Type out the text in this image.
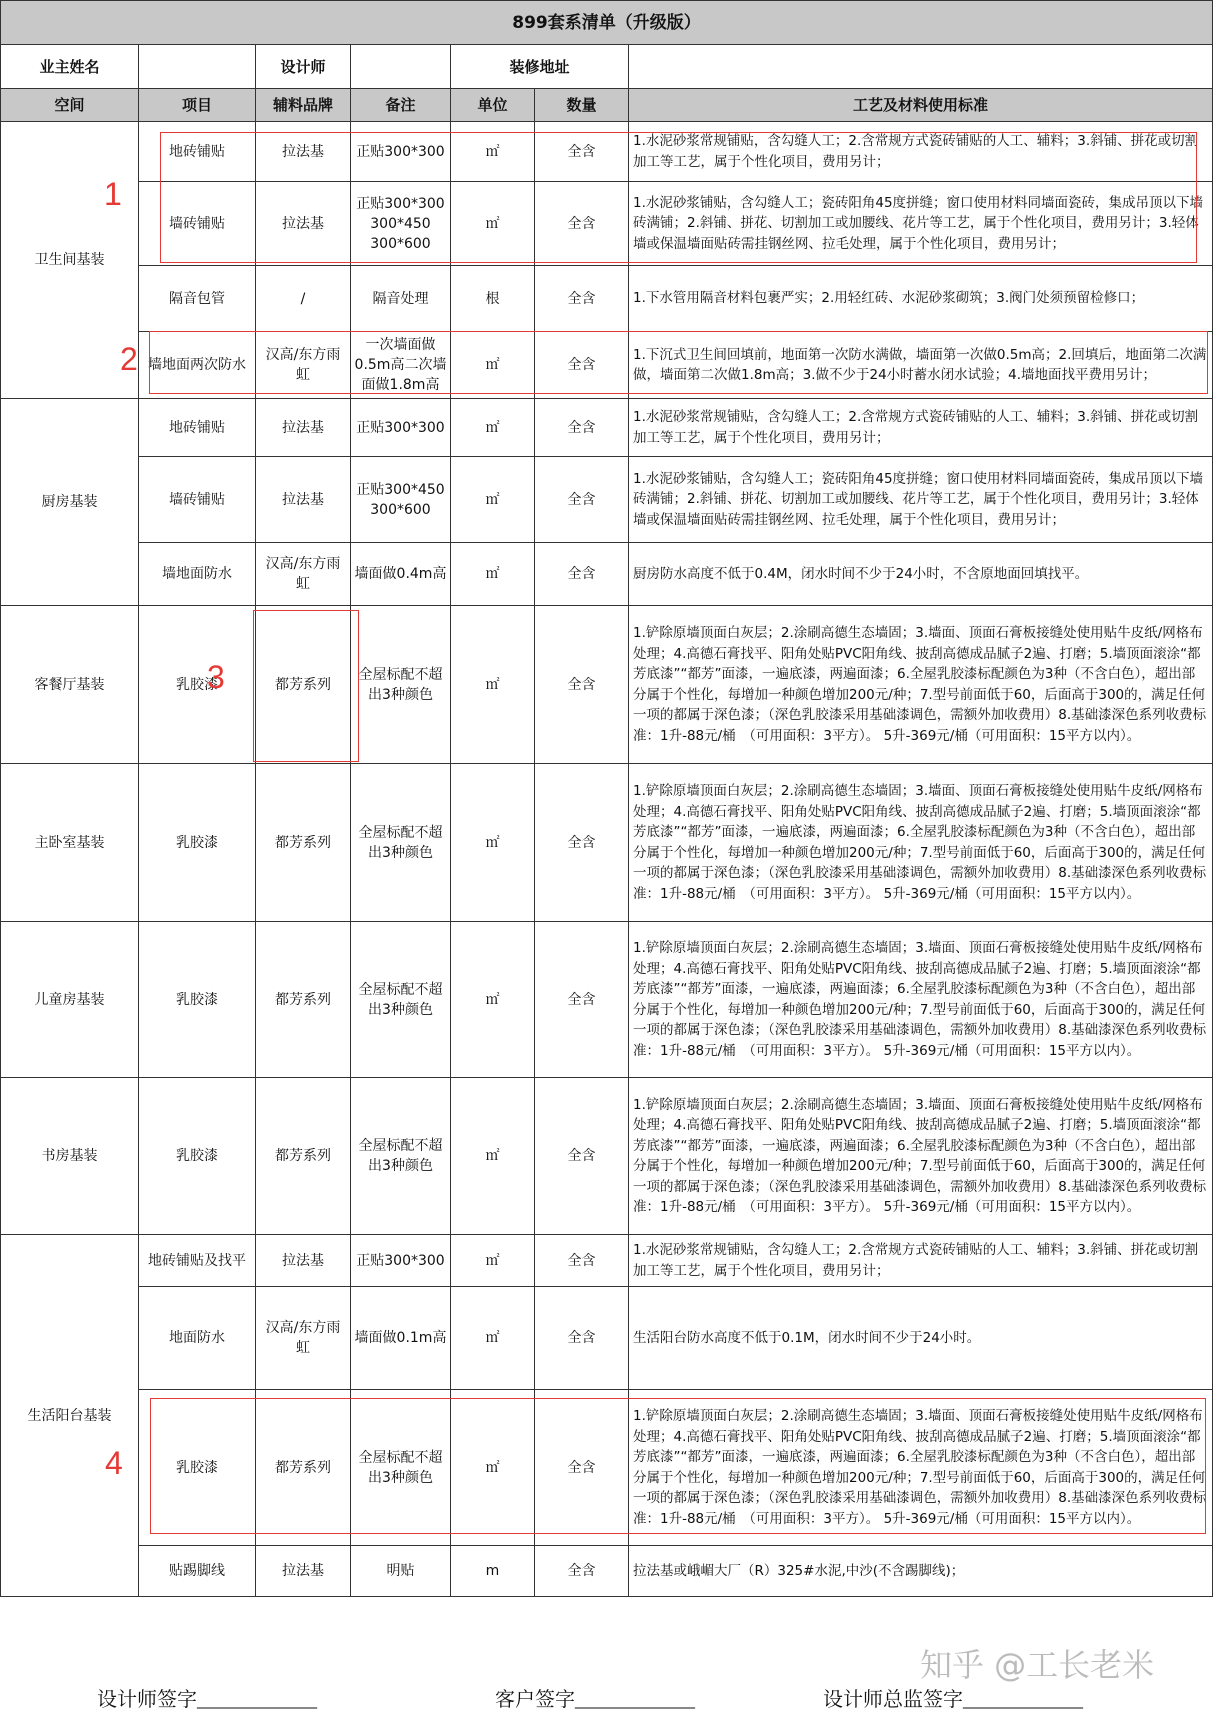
899套系清单（升级版）						
业主姓名		设计师		装修地址		
空间	项目	辅料品牌	备注	单位	数量	工艺及材料使用标准
卫生间基装	地砖铺贴	拉法基	正贴300*300	㎡	全含	1.水泥砂浆常规铺贴，含勾缝人工；2.含常规方式瓷砖铺贴的人工、辅料；3.斜铺、拼花或切割加工等工艺，属于个性化项目，费用另计；
	墙砖铺贴	拉法基	正贴300*300 300*450 300*600	㎡	全含	1.水泥砂浆铺贴，含勾缝人工；瓷砖阳角45度拼缝；窗口使用材料同墙面瓷砖，集成吊顶以下墙砖满铺；2.斜铺、拼花、切割加工或加腰线、花片等工艺，属于个性化项目，费用另计；3.轻体墙或保温墙面贴砖需挂钢丝网、拉毛处理，属于个性化项目，费用另计；
	隔音包管	/	隔音处理	根	全含	1.下水管用隔音材料包裹严实；2.用轻红砖、水泥砂浆砌筑；3.阀门处须预留检修口；
	墙地面两次防水	汉高/东方雨虹	一次墙面做0.5m高二次墙面做1.8m高	㎡	全含	1.下沉式卫生间回填前，地面第一次防水满做，墙面第一次做0.5m高；2.回填后，地面第二次满做，墙面第二次做1.8m高；3.做不少于24小时蓄水闭水试验；4.墙地面找平费用另计；
厨房基装	地砖铺贴	拉法基	正贴300*300	㎡	全含	1.水泥砂浆常规铺贴，含勾缝人工；2.含常规方式瓷砖铺贴的人工、辅料；3.斜铺、拼花或切割加工等工艺，属于个性化项目，费用另计；
	墙砖铺贴	拉法基	正贴300*450 300*600	㎡	全含	1.水泥砂浆铺贴，含勾缝人工；瓷砖阳角45度拼缝；窗口使用材料同墙面瓷砖，集成吊顶以下墙砖满铺；2.斜铺、拼花、切割加工或加腰线、花片等工艺，属于个性化项目，费用另计；3.轻体墙或保温墙面贴砖需挂钢丝网、拉毛处理，属于个性化项目，费用另计；
	墙地面防水	汉高/东方雨虹	墙面做0.4m高	㎡	全含	厨房防水高度不低于0.4M，闭水时间不少于24小时，不含原地面回填找平。
客餐厅基装	乳胶漆	都芳系列	全屋标配不超出3种颜色	㎡	全含	1.铲除原墙顶面白灰层；2.涂刷高德生态墙固；3.墙面、顶面石膏板接缝处使用贴牛皮纸/网格布处理；4.高德石膏找平、阳角处贴PVC阳角线、披刮高德成品腻子2遍、打磨；5.墙顶面滚涂“都芳底漆”“都芳”面漆，一遍底漆，两遍面漆；6.全屋乳胶漆标配颜色为3种（不含白色），超出部分属于个性化，每增加一种颜色增加200元/种；7.型号前面低于60，后面高于300的，满足任何一项的都属于深色漆；（深色乳胶漆采用基础漆调色，需额外加收费用）8.基础漆深色系列收费标准：1升-88元/桶　（可用面积：3平方）。 5升-369元/桶（可用面积：15平方以内）。
主卧室基装	乳胶漆	都芳系列	全屋标配不超出3种颜色	㎡	全含	1.铲除原墙顶面白灰层；2.涂刷高德生态墙固；3.墙面、顶面石膏板接缝处使用贴牛皮纸/网格布处理；4.高德石膏找平、阳角处贴PVC阳角线、披刮高德成品腻子2遍、打磨；5.墙顶面滚涂“都芳底漆”“都芳”面漆，一遍底漆，两遍面漆；6.全屋乳胶漆标配颜色为3种（不含白色），超出部分属于个性化，每增加一种颜色增加200元/种；7.型号前面低于60，后面高于300的，满足任何一项的都属于深色漆；（深色乳胶漆采用基础漆调色，需额外加收费用）8.基础漆深色系列收费标准：1升-88元/桶　（可用面积：3平方）。 5升-369元/桶（可用面积：15平方以内）。
儿童房基装	乳胶漆	都芳系列	全屋标配不超出3种颜色	㎡	全含	1.铲除原墙顶面白灰层；2.涂刷高德生态墙固；3.墙面、顶面石膏板接缝处使用贴牛皮纸/网格布处理；4.高德石膏找平、阳角处贴PVC阳角线、披刮高德成品腻子2遍、打磨；5.墙顶面滚涂“都芳底漆”“都芳”面漆，一遍底漆，两遍面漆；6.全屋乳胶漆标配颜色为3种（不含白色），超出部分属于个性化，每增加一种颜色增加200元/种；7.型号前面低于60，后面高于300的，满足任何一项的都属于深色漆；（深色乳胶漆采用基础漆调色，需额外加收费用）8.基础漆深色系列收费标准：1升-88元/桶　（可用面积：3平方）。 5升-369元/桶（可用面积：15平方以内）。
书房基装	乳胶漆	都芳系列	全屋标配不超出3种颜色	㎡	全含	1.铲除原墙顶面白灰层；2.涂刷高德生态墙固；3.墙面、顶面石膏板接缝处使用贴牛皮纸/网格布处理；4.高德石膏找平、阳角处贴PVC阳角线、披刮高德成品腻子2遍、打磨；5.墙顶面滚涂“都芳底漆”“都芳”面漆，一遍底漆，两遍面漆；6.全屋乳胶漆标配颜色为3种（不含白色），超出部分属于个性化，每增加一种颜色增加200元/种；7.型号前面低于60，后面高于300的，满足任何一项的都属于深色漆；（深色乳胶漆采用基础漆调色，需额外加收费用）8.基础漆深色系列收费标准：1升-88元/桶　（可用面积：3平方）。 5升-369元/桶（可用面积：15平方以内）。
生活阳台基装	地砖铺贴及找平	拉法基	正贴300*300	㎡	全含	1.水泥砂浆常规铺贴，含勾缝人工；2.含常规方式瓷砖铺贴的人工、辅料；3.斜铺、拼花或切割加工等工艺，属于个性化项目，费用另计；
	地面防水	汉高/东方雨虹	墙面做0.1m高	㎡	全含	生活阳台防水高度不低于0.1M，闭水时间不少于24小时。
	乳胶漆	都芳系列	全屋标配不超出3种颜色	㎡	全含	1.铲除原墙顶面白灰层；2.涂刷高德生态墙固；3.墙面、顶面石膏板接缝处使用贴牛皮纸/网格布处理；4.高德石膏找平、阳角处贴PVC阳角线、披刮高德成品腻子2遍、打磨；5.墙顶面滚涂“都芳底漆”“都芳”面漆，一遍底漆，两遍面漆；6.全屋乳胶漆标配颜色为3种（不含白色），超出部分属于个性化，每增加一种颜色增加200元/种；7.型号前面低于60，后面高于300的，满足任何一项的都属于深色漆；（深色乳胶漆采用基础漆调色，需额外加收费用）8.基础漆深色系列收费标准：1升-88元/桶　（可用面积：3平方）。 5升-369元/桶（可用面积：15平方以内）。
	贴踢脚线	拉法基	明贴	m	全含	拉法基或峨嵋大厂（R）325#水泥,中沙(不含踢脚线)；
1
2
3
4
知乎 @工长老米
设计师签字____________	客户签字____________	设计师总监签字____________
